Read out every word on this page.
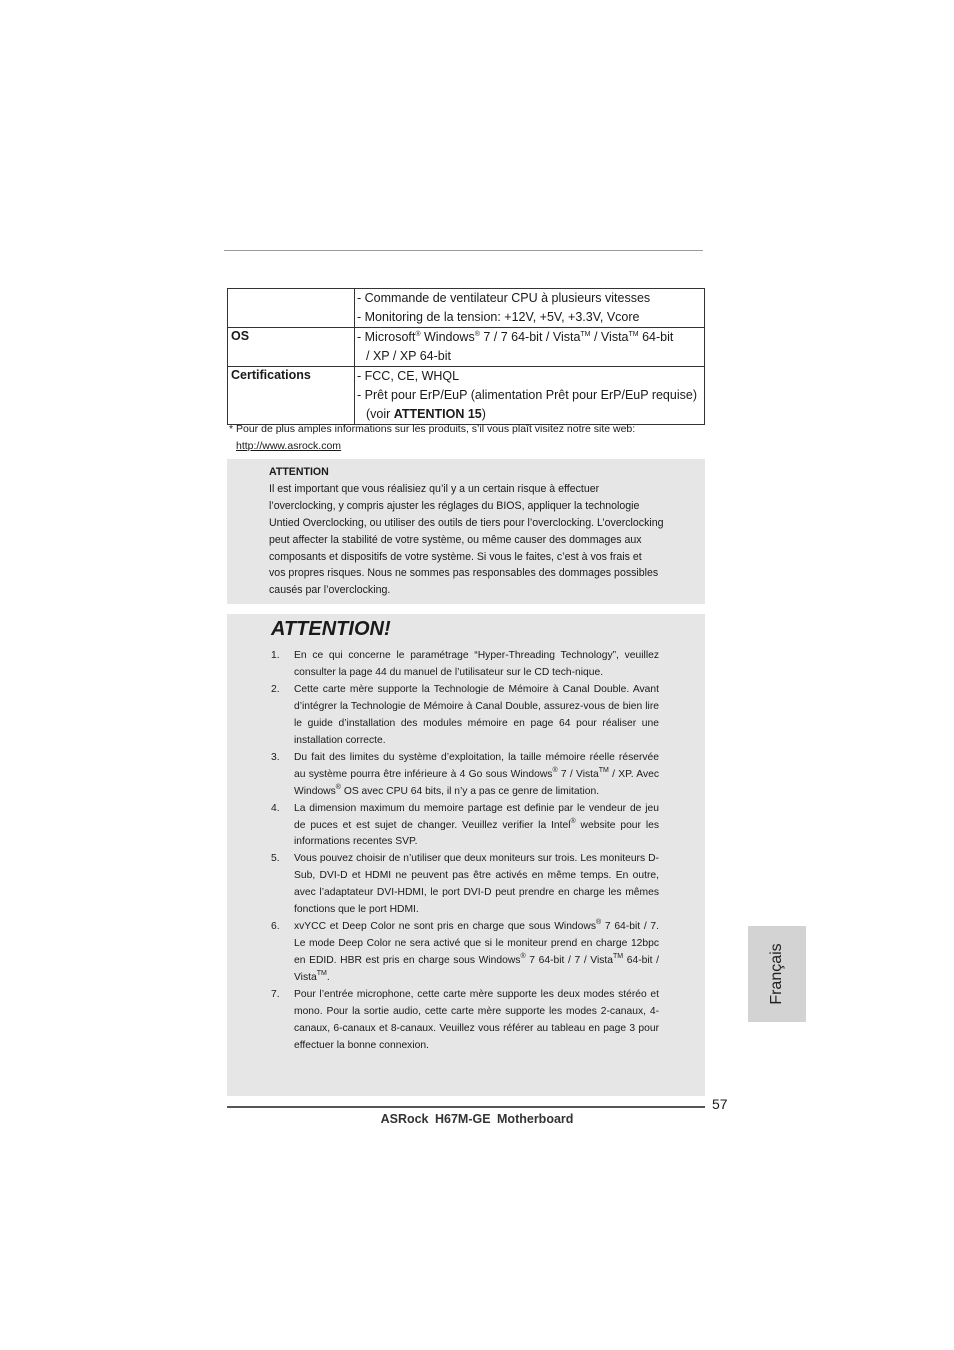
	- Commande de ventilateur CPU à plusieurs vitesses
- Monitoring de la tension: +12V, +5V, +3.3V, Vcore

OS	- Microsoft® Windows® 7 / 7 64-bit / Vista™ / Vista™ 64-bit
/ XP / XP 64-bit

Certifications	- FCC, CE, WHQL
- Prêt pour ErP/EuP (alimentation Prêt pour ErP/EuP requise)
(voir ATTENTION 15)
* Pour de plus amples informations sur les produits, s’il vous plaît visitez notre site web:
http://www.asrock.com
ATTENTION
Il est important que vous réalisiez qu’il y a un certain risque à effectuer
l’overclocking, y compris ajuster les réglages du BIOS, appliquer la technologie
Untied Overclocking, ou utiliser des outils de tiers pour l’overclocking. L’overclocking
peut affecter la stabilité de votre système, ou même causer des dommages aux
composants et dispositifs de votre système. Si vous le faites, c’est à vos frais et
vos propres risques. Nous ne sommes pas responsables des dommages possibles
causés par l’overclocking.
ATTENTION!
1. En ce qui concerne le paramétrage “Hyper-Threading Technology”, veuillez consulter la page 44 du manuel de l’utilisateur sur le CD tech-nique.
2. Cette carte mère supporte la Technologie de Mémoire à Canal Double. Avant d’intégrer la Technologie de Mémoire à Canal Double, assurez-vous de bien lire le guide d’installation des modules mémoire en page 64 pour réaliser une installation correcte.
3. Du fait des limites du système d’exploitation, la taille mémoire réelle réservée au système pourra être inférieure à 4 Go sous Windows® 7 / Vista™ / XP. Avec Windows® OS avec CPU 64 bits, il n’y a pas ce genre de limitation.
4. La dimension maximum du memoire partage est definie par le vendeur de jeu de puces et est sujet de changer. Veuillez verifier la Intel® website pour les informations recentes SVP.
5. Vous pouvez choisir de n’utiliser que deux moniteurs sur trois. Les moniteurs D-Sub, DVI-D et HDMI ne peuvent pas être activés en même temps. En outre, avec l’adaptateur DVI-HDMI, le port DVI-D peut prendre en charge les mêmes fonctions que le port HDMI.
6. xvYCC et Deep Color ne sont pris en charge que sous Windows® 7 64-bit / 7. Le mode Deep Color ne sera activé que si le moniteur prend en charge 12bpc en EDID. HBR est pris en charge sous Windows® 7 64-bit / 7 / Vista™ 64-bit / Vista™.
7. Pour l’entrée microphone, cette carte mère supporte les deux modes stéréo et mono. Pour la sortie audio, cette carte mère supporte les modes 2-canaux, 4-canaux, 6-canaux et 8-canaux. Veuillez vous référer au tableau en page 3 pour effectuer la bonne connexion.
Français
57
ASRock H67M-GE Motherboard
